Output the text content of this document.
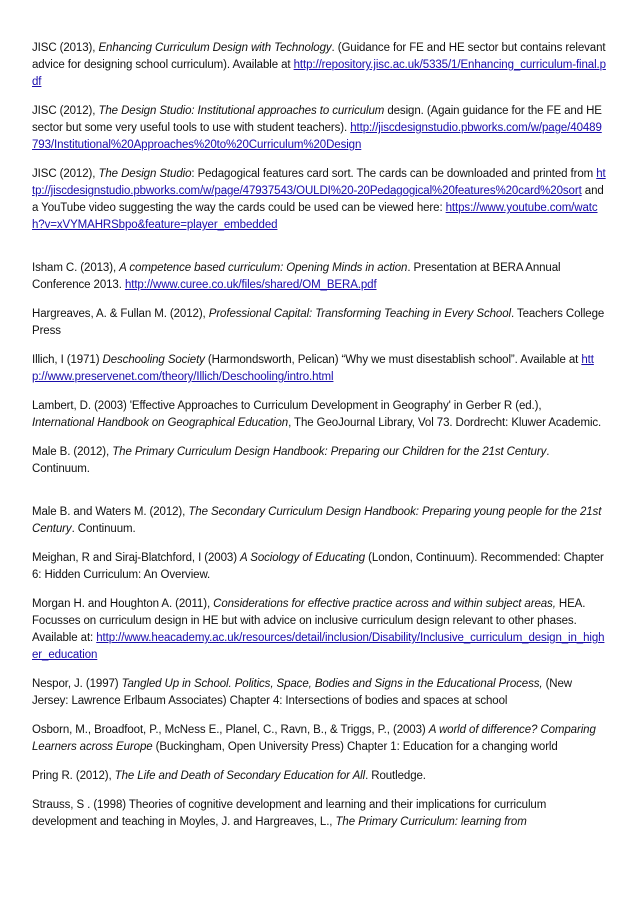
JISC (2013), Enhancing Curriculum Design with Technology. (Guidance for FE and HE sector but contains relevant advice for designing school curriculum). Available at http://repository.jisc.ac.uk/5335/1/Enhancing_curriculum-final.pdf

JISC (2012), The Design Studio: Institutional approaches to curriculum design. (Again guidance for the FE and HE sector but some very useful tools to use with student teachers). http://jiscdesignstudio.pbworks.com/w/page/40489793/Institutional%20Approaches%20to%20Curriculum%20Design

JISC (2012), The Design Studio: Pedagogical features card sort. The cards can be downloaded and printed from http://jiscdesignstudio.pbworks.com/w/page/47937543/OULDI%20-20Pedagogical%20features%20card%20sort and a YouTube video suggesting the way the cards could be used can be viewed here: https://www.youtube.com/watch?v=xVYMAHRSbpo&feature=player_embedded

Isham C. (2013), A competence based curriculum: Opening Minds in action. Presentation at BERA Annual Conference 2013. http://www.curee.co.uk/files/shared/OM_BERA.pdf

Hargreaves, A. & Fullan M. (2012), Professional Capital: Transforming Teaching in Every School. Teachers College Press

Illich, I (1971) Deschooling Society (Harmondsworth, Pelican) “Why we must disestablish school”. Available at http://www.preservenet.com/theory/Illich/Deschooling/intro.html

Lambert, D. (2003) 'Effective Approaches to Curriculum Development in Geography' in Gerber R (ed.), International Handbook on Geographical Education, The GeoJournal Library, Vol 73. Dordrecht: Kluwer Academic.

Male B. (2012), The Primary Curriculum Design Handbook: Preparing our Children for the 21st Century. Continuum.

Male B. and Waters M. (2012), The Secondary Curriculum Design Handbook: Preparing young people for the 21st Century. Continuum.

Meighan, R and Siraj-Blatchford, I (2003) A Sociology of Educating (London, Continuum). Recommended: Chapter 6: Hidden Curriculum: An Overview.

Morgan H. and Houghton A. (2011), Considerations for effective practice across and within subject areas, HEA. Focusses on curriculum design in HE but with advice on inclusive curriculum design relevant to other phases. Available at: http://www.heacademy.ac.uk/resources/detail/inclusion/Disability/Inclusive_curriculum_design_in_higher_education

Nespor, J. (1997) Tangled Up in School. Politics, Space, Bodies and Signs in the Educational Process, (New Jersey: Lawrence Erlbaum Associates) Chapter 4: Intersections of bodies and spaces at school

Osborn, M., Broadfoot, P., McNess E., Planel, C., Ravn, B., & Triggs, P., (2003) A world of difference? Comparing Learners across Europe (Buckingham, Open University Press) Chapter 1: Education for a changing world

Pring R. (2012), The Life and Death of Secondary Education for All. Routledge.

Strauss, S . (1998) Theories of cognitive development and learning and their implications for curriculum development and teaching in Moyles, J. and Hargreaves, L., The Primary Curriculum: learning from
